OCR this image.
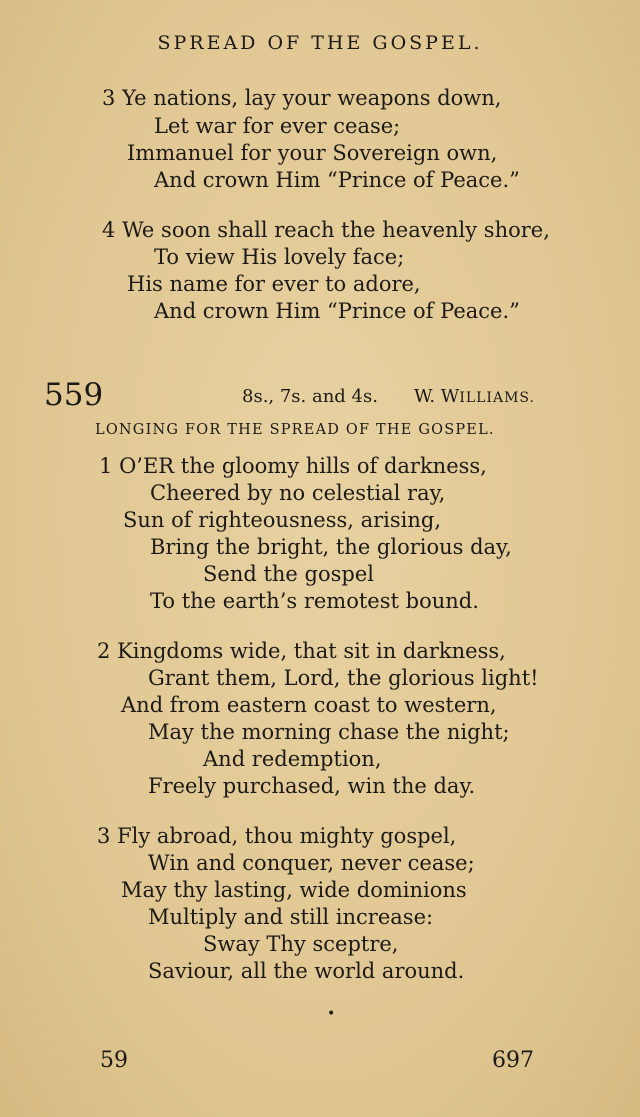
SPREAD OF THE GOSPEL.
3 Ye nations, lay your weapons down,
Let war for ever cease;
Immanuel for your Sovereign own,
And crown Him “Prince of Peace.”
4 We soon shall reach the heavenly shore,
To view His lovely face;
His name for ever to adore,
And crown Him “Prince of Peace.”
559	8s., 7s. and 4s. W. WILLIAMS.
LONGING FOR THE SPREAD OF THE GOSPEL.
1 O’ER the gloomy hills of darkness,
Cheered by no celestial ray,
Sun of righteousness, arising,
Bring the bright, the glorious day,
Send the gospel
To the earth’s remotest bound.
2 Kingdoms wide, that sit in darkness,
Grant them, Lord, the glorious light!
And from eastern coast to western,
May the morning chase the night;
And redemption,
Freely purchased, win the day.
3 Fly abroad, thou mighty gospel,
Win and conquer, never cease;
May thy lasting, wide dominions
Multiply and still increase:
Sway Thy sceptre,
Saviour, all the world around.
•
59	697
